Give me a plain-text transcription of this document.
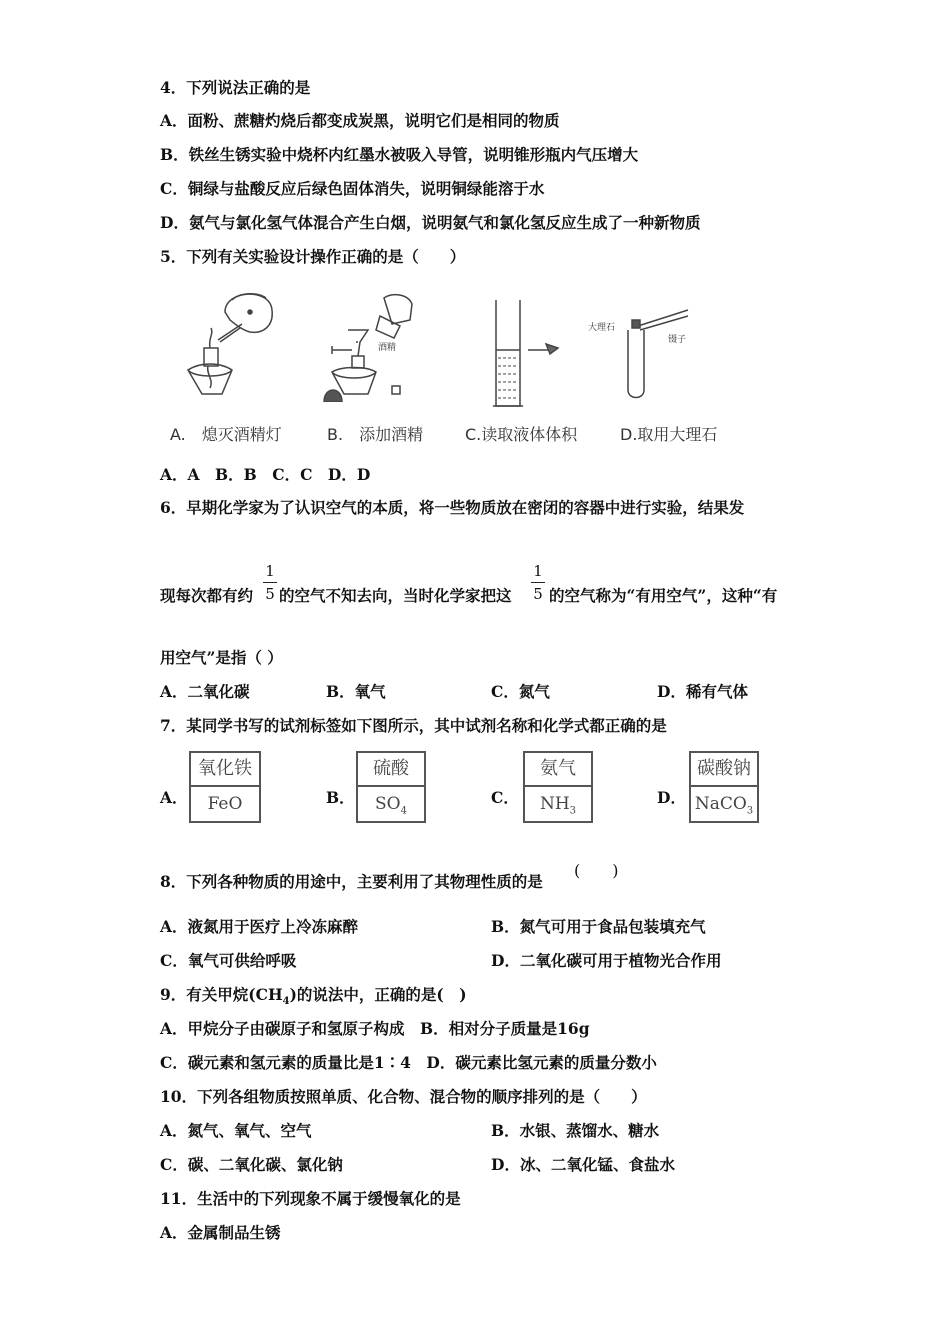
4．下列说法正确的是
A．面粉、蔗糖灼烧后都变成炭黑，说明它们是相同的物质
B．铁丝生锈实验中烧杯内红墨水被吸入导管，说明锥形瓶内气压增大
C．铜绿与盐酸反应后绿色固体消失，说明铜绿能溶于水
D．氨气与氯化氢气体混合产生白烟，说明氨气和氯化氢反应生成了一种新物质
5．下列有关实验设计操作正确的是（　　）
酒精
大理石
镊子
A.　熄灭酒精灯	B.　添加酒精	C.读取液体体积	D.取用大理石
A．A　B．B　C．C　D．D
6．早期化学家为了认识空气的本质，将一些物质放在密闭的容器中进行实验，结果发
现每次都有约
1
5 的空气不知去向，当时化学家把这
1
5 的空气称为“有用空气”，这种“有
用空气”是指（ ）
A．二氧化碳	B．氧气	C．氮气	D．稀有气体
7．某同学书写的试剂标签如下图所示，其中试剂名称和化学式都正确的是
A．
氧化铁
FeO	B．
硫酸
$SO_4$
C．
氨气
$NH_3$
D．
碳酸钠
NaCO$_3$
8．下列各种物质的用途中，主要利用了其物理性质的是
(　　)
A．液氮用于医疗上冷冻麻醉	B．氮气可用于食品包装填充气
C．氧气可供给呼吸	D．二氧化碳可用于植物光合作用
9．有关甲烷$(CH_4)$的说法中，正确的是(　)
A．甲烷分子由碳原子和氢原子构成　B．相对分子质量是16g
C．碳元素和氢元素的质量比是1∶4　D．碳元素比氢元素的质量分数小
10．下列各组物质按照单质、化合物、混合物的顺序排列的是（　　）
A．氮气、氧气、空气	B．水银、蒸馏水、糖水
C．碳、二氧化碳、氯化钠	D．冰、二氧化锰、食盐水
11．生活中的下列现象不属于缓慢氧化的是
A．金属制品生锈
